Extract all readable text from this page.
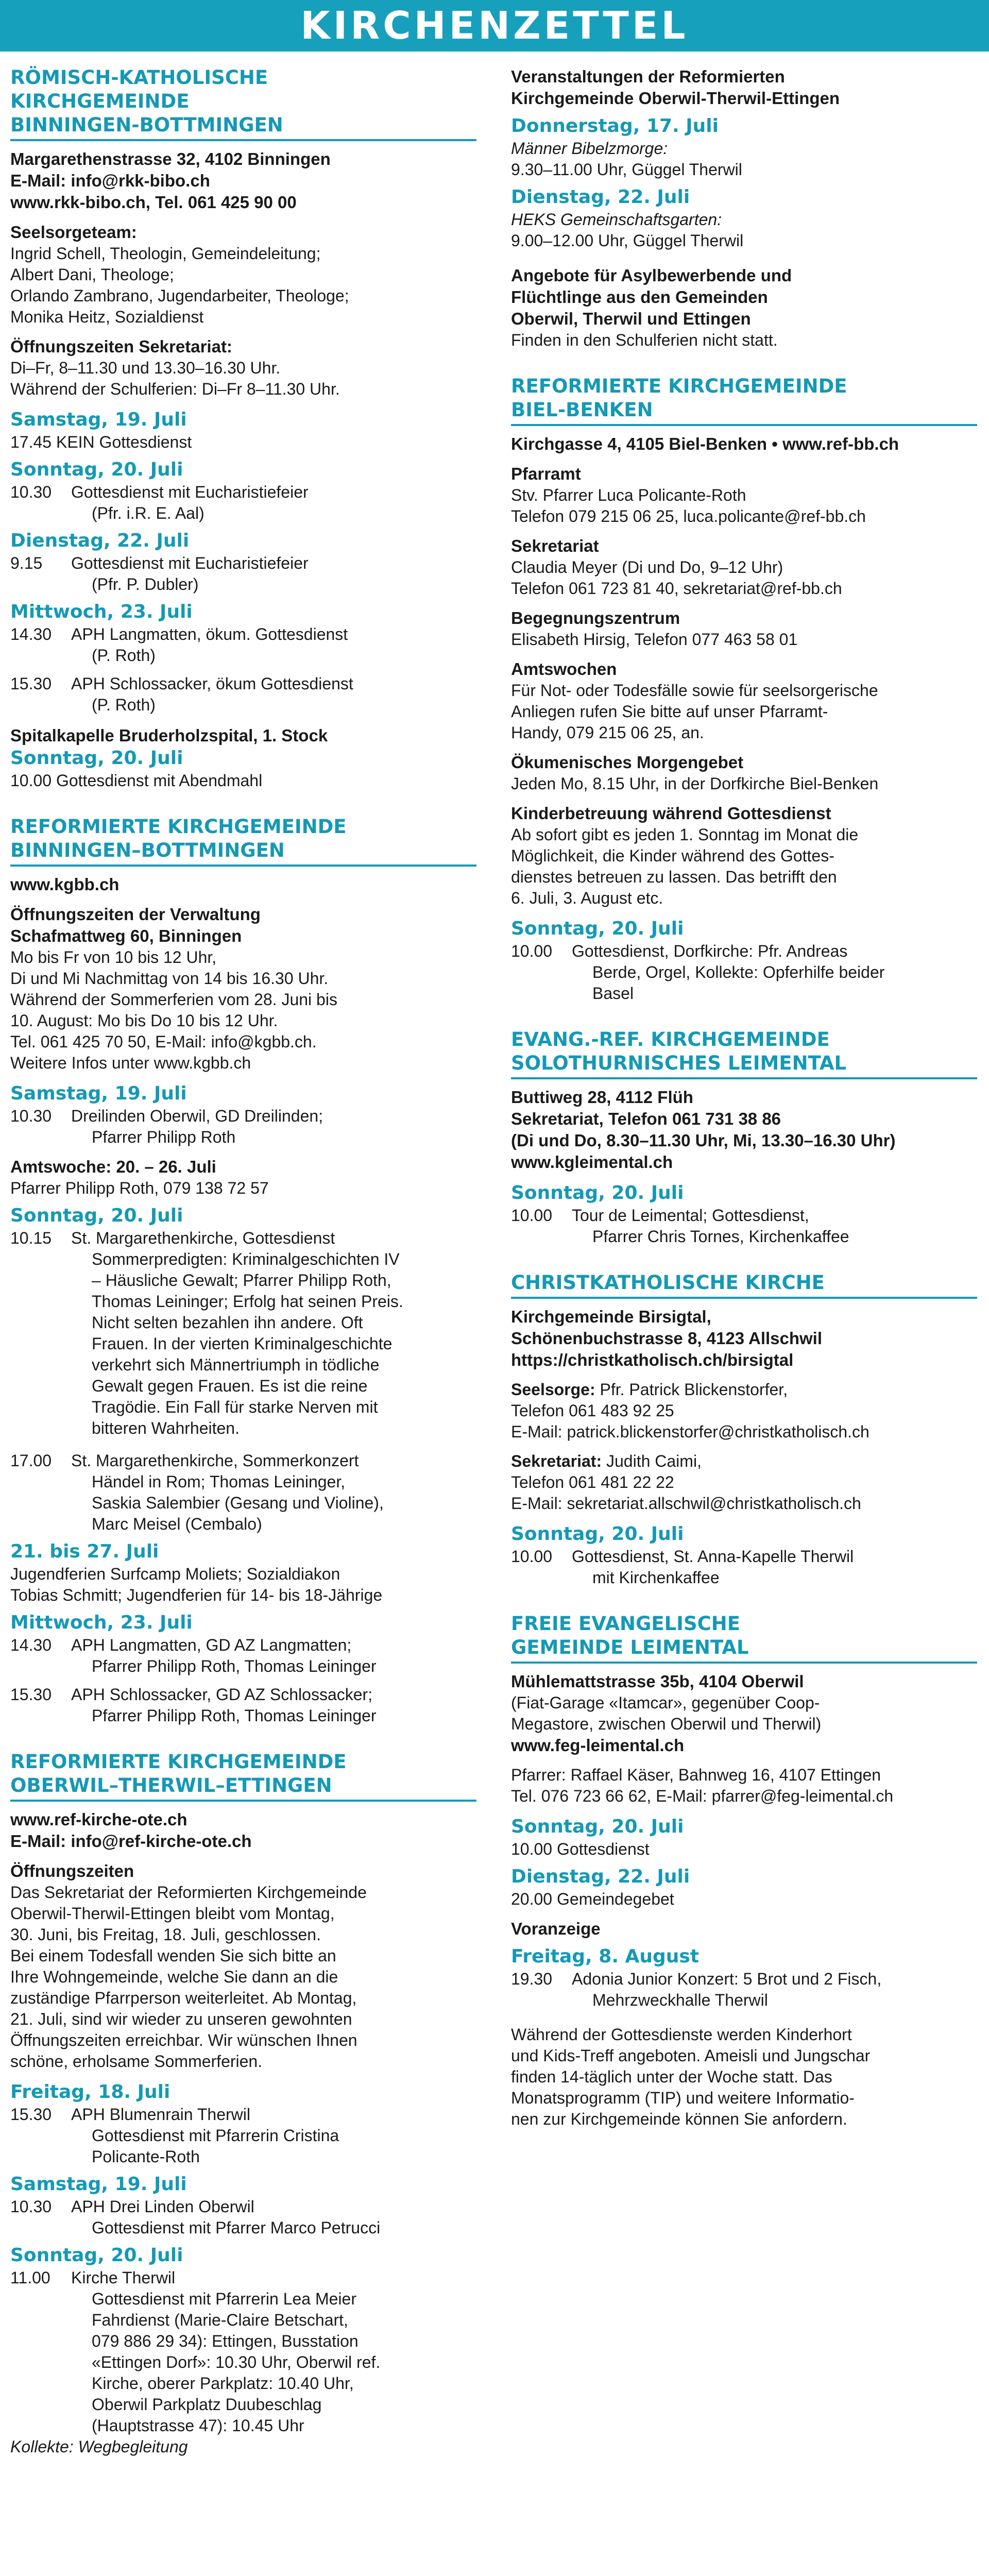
KIRCHENZETTEL
RÖMISCH-KATHOLISCHE
KIRCHGEMEINDE
BINNINGEN-BOTTMINGEN
Margarethenstrasse 32, 4102 Binningen
E-Mail: info@rkk-bibo.ch
www.rkk-bibo.ch, Tel. 061 425 90 00
Seelsorgeteam:
Ingrid Schell, Theologin, Gemeindeleitung;
Albert Dani, Theologe;
Orlando Zambrano, Jugendarbeiter, Theologe;
Monika Heitz, Sozialdienst
Öffnungszeiten Sekretariat:
Di–Fr, 8–11.30 und 13.30–16.30 Uhr.
Während der Schulferien: Di–Fr 8–11.30 Uhr.
Samstag, 19. Juli
17.45 KEIN Gottesdienst
Sonntag, 20. Juli
10.30	Gottesdienst mit Eucharistiefeier
(Pfr. i.R. E. Aal)
Dienstag, 22. Juli
9.15	Gottesdienst mit Eucharistiefeier
(Pfr. P. Dubler)
Mittwoch, 23. Juli
14.30	APH Langmatten, ökum. Gottesdienst
(P. Roth)
15.30	APH Schlossacker, ökum Gottesdienst
(P. Roth)
Spitalkapelle Bruderholzspital, 1. Stock
Sonntag, 20. Juli
10.00 Gottesdienst mit Abendmahl
REFORMIERTE KIRCHGEMEINDE
BINNINGEN–BOTTMINGEN
www.kgbb.ch
Öffnungszeiten der Verwaltung
Schafmattweg 60, Binningen
Mo bis Fr von 10 bis 12 Uhr,
Di und Mi Nachmittag von 14 bis 16.30 Uhr.
Während der Sommerferien vom 28. Juni bis
10. August: Mo bis Do 10 bis 12 Uhr.
Tel. 061 425 70 50, E-Mail: info@kgbb.ch.
Weitere Infos unter www.kgbb.ch
Samstag, 19. Juli
10.30	Dreilinden Oberwil, GD Dreilinden;
Pfarrer Philipp Roth
Amtswoche: 20. – 26. Juli
Pfarrer Philipp Roth, 079 138 72 57
Sonntag, 20. Juli
10.15	St. Margarethenkirche, Gottesdienst
Sommerpredigten: Kriminalgeschichten IV
– Häusliche Gewalt; Pfarrer Philipp Roth,
Thomas Leininger; Erfolg hat seinen Preis.
Nicht selten bezahlen ihn andere. Oft
Frauen. In der vierten Kriminalgeschichte
verkehrt sich Männertriumph in tödliche
Gewalt gegen Frauen. Es ist die reine
Tragödie. Ein Fall für starke Nerven mit
bitteren Wahrheiten.
17.00	St. Margarethenkirche, Sommerkonzert
Händel in Rom; Thomas Leininger,
Saskia Salembier (Gesang und Violine),
Marc Meisel (Cembalo)
21. bis 27. Juli
Jugendferien Surfcamp Moliets; Sozialdiakon
Tobias Schmitt; Jugendferien für 14- bis 18-Jährige
Mittwoch, 23. Juli
14.30	APH Langmatten, GD AZ Langmatten;
Pfarrer Philipp Roth, Thomas Leininger
15.30	APH Schlossacker, GD AZ Schlossacker;
Pfarrer Philipp Roth, Thomas Leininger
REFORMIERTE KIRCHGEMEINDE
OBERWIL–THERWIL–ETTINGEN
www.ref-kirche-ote.ch
E-Mail: info@ref-kirche-ote.ch
Öffnungszeiten
Das Sekretariat der Reformierten Kirchgemeinde
Oberwil-Therwil-Ettingen bleibt vom Montag,
30. Juni, bis Freitag, 18. Juli, geschlossen.
Bei einem Todesfall wenden Sie sich bitte an
Ihre Wohngemeinde, welche Sie dann an die
zuständige Pfarrperson weiterleitet. Ab Montag,
21. Juli, sind wir wieder zu unseren gewohnten
Öffnungszeiten erreichbar. Wir wünschen Ihnen
schöne, erholsame Sommerferien.
Freitag, 18. Juli
15.30	APH Blumenrain Therwil
Gottesdienst mit Pfarrerin Cristina
Policante-Roth
Samstag, 19. Juli
10.30	APH Drei Linden Oberwil
Gottesdienst mit Pfarrer Marco Petrucci
Sonntag, 20. Juli
11.00	Kirche Therwil
Gottesdienst mit Pfarrerin Lea Meier
Fahrdienst (Marie-Claire Betschart,
079 886 29 34): Ettingen, Busstation
«Ettingen Dorf»: 10.30 Uhr, Oberwil ref.
Kirche, oberer Parkplatz: 10.40 Uhr,
Oberwil Parkplatz Duubeschlag
(Hauptstrasse 47): 10.45 Uhr
Kollekte: Wegbegleitung
Veranstaltungen der Reformierten
Kirchgemeinde Oberwil-Therwil-Ettingen
Donnerstag, 17. Juli
Männer Bibelzmorge:
9.30–11.00 Uhr, Güggel Therwil
Dienstag, 22. Juli
HEKS Gemeinschaftsgarten:
9.00–12.00 Uhr, Güggel Therwil
Angebote für Asylbewerbende und
Flüchtlinge aus den Gemeinden
Oberwil, Therwil und Ettingen
Finden in den Schulferien nicht statt.
REFORMIERTE KIRCHGEMEINDE
BIEL-BENKEN
Kirchgasse 4, 4105 Biel-Benken • www.ref-bb.ch
Pfarramt
Stv. Pfarrer Luca Policante-Roth
Telefon 079 215 06 25, luca.policante@ref-bb.ch
Sekretariat
Claudia Meyer (Di und Do, 9–12 Uhr)
Telefon 061 723 81 40, sekretariat@ref-bb.ch
Begegnungszentrum
Elisabeth Hirsig, Telefon 077 463 58 01
Amtswochen
Für Not- oder Todesfälle sowie für seelsorgerische
Anliegen rufen Sie bitte auf unser Pfarramt-
Handy, 079 215 06 25, an.
Ökumenisches Morgengebet
Jeden Mo, 8.15 Uhr, in der Dorfkirche Biel-Benken
Kinderbetreuung während Gottesdienst
Ab sofort gibt es jeden 1. Sonntag im Monat die
Möglichkeit, die Kinder während des Gottes-
dienstes betreuen zu lassen. Das betrifft den
6. Juli, 3. August etc.
Sonntag, 20. Juli
10.00	Gottesdienst, Dorfkirche: Pfr. Andreas
Berde, Orgel, Kollekte: Opferhilfe beider
Basel
EVANG.-REF. KIRCHGEMEINDE
SOLOTHURNISCHES LEIMENTAL
Buttiweg 28, 4112 Flüh
Sekretariat, Telefon 061 731 38 86
(Di und Do, 8.30–11.30 Uhr, Mi, 13.30–16.30 Uhr)
www.kgleimental.ch
Sonntag, 20. Juli
10.00	Tour de Leimental; Gottesdienst,
Pfarrer Chris Tornes, Kirchenkaffee
CHRISTKATHOLISCHE KIRCHE
Kirchgemeinde Birsigtal,
Schönenbuchstrasse 8, 4123 Allschwil
https://christkatholisch.ch/birsigtal
Seelsorge: Pfr. Patrick Blickenstorfer,
Telefon 061 483 92 25
E-Mail: patrick.blickenstorfer@christkatholisch.ch
Sekretariat: Judith Caimi,
Telefon 061 481 22 22
E-Mail: sekretariat.allschwil@christkatholisch.ch
Sonntag, 20. Juli
10.00	Gottesdienst, St. Anna-Kapelle Therwil
mit Kirchenkaffee
FREIE EVANGELISCHE
GEMEINDE LEIMENTAL
Mühlemattstrasse 35b, 4104 Oberwil
(Fiat-Garage «Itamcar», gegenüber Coop-
Megastore, zwischen Oberwil und Therwil)
www.feg-leimental.ch
Pfarrer: Raffael Käser, Bahnweg 16, 4107 Ettingen
Tel. 076 723 66 62, E-Mail: pfarrer@feg-leimental.ch
Sonntag, 20. Juli
10.00 Gottesdienst
Dienstag, 22. Juli
20.00 Gemeindegebet
Voranzeige
Freitag, 8. August
19.30	Adonia Junior Konzert: 5 Brot und 2 Fisch,
Mehrzweckhalle Therwil
Während der Gottesdienste werden Kinderhort
und Kids-Treff angeboten. Ameisli und Jungschar
finden 14-täglich unter der Woche statt. Das
Monatsprogramm (TIP) und weitere Informatio-
nen zur Kirchgemeinde können Sie anfordern.
